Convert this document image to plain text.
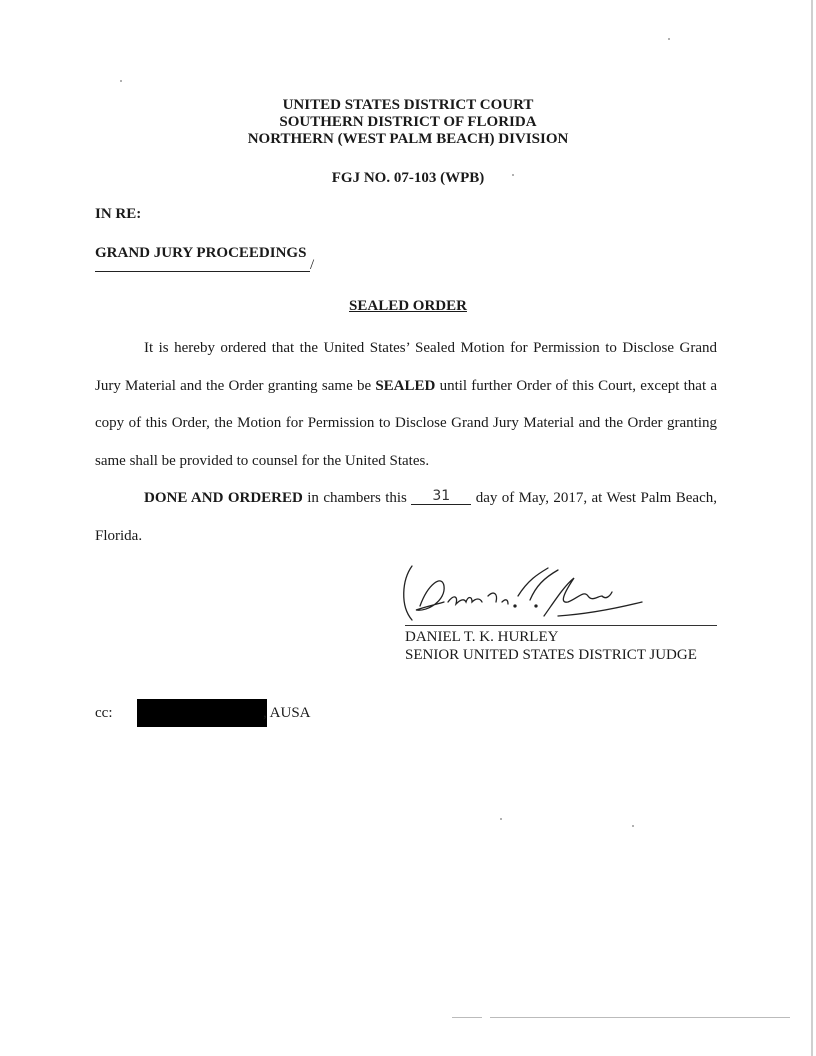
UNITED STATES DISTRICT COURT
SOUTHERN DISTRICT OF FLORIDA
NORTHERN (WEST PALM BEACH) DIVISION
FGJ NO. 07-103 (WPB)
IN RE:
GRAND JURY PROCEEDINGS
/
SEALED ORDER
It is hereby ordered that the United States’ Sealed Motion for Permission to Disclose Grand Jury Material and the Order granting same be SEALED until further Order of this Court, except that a copy of this Order, the Motion for Permission to Disclose Grand Jury Material and the Order granting same shall be provided to counsel for the United States.
DONE AND ORDERED in chambers this 31 day of May, 2017, at West Palm Beach, Florida.
DANIEL T. K. HURLEY
SENIOR UNITED STATES DISTRICT JUDGE
cc:	, AUSA
